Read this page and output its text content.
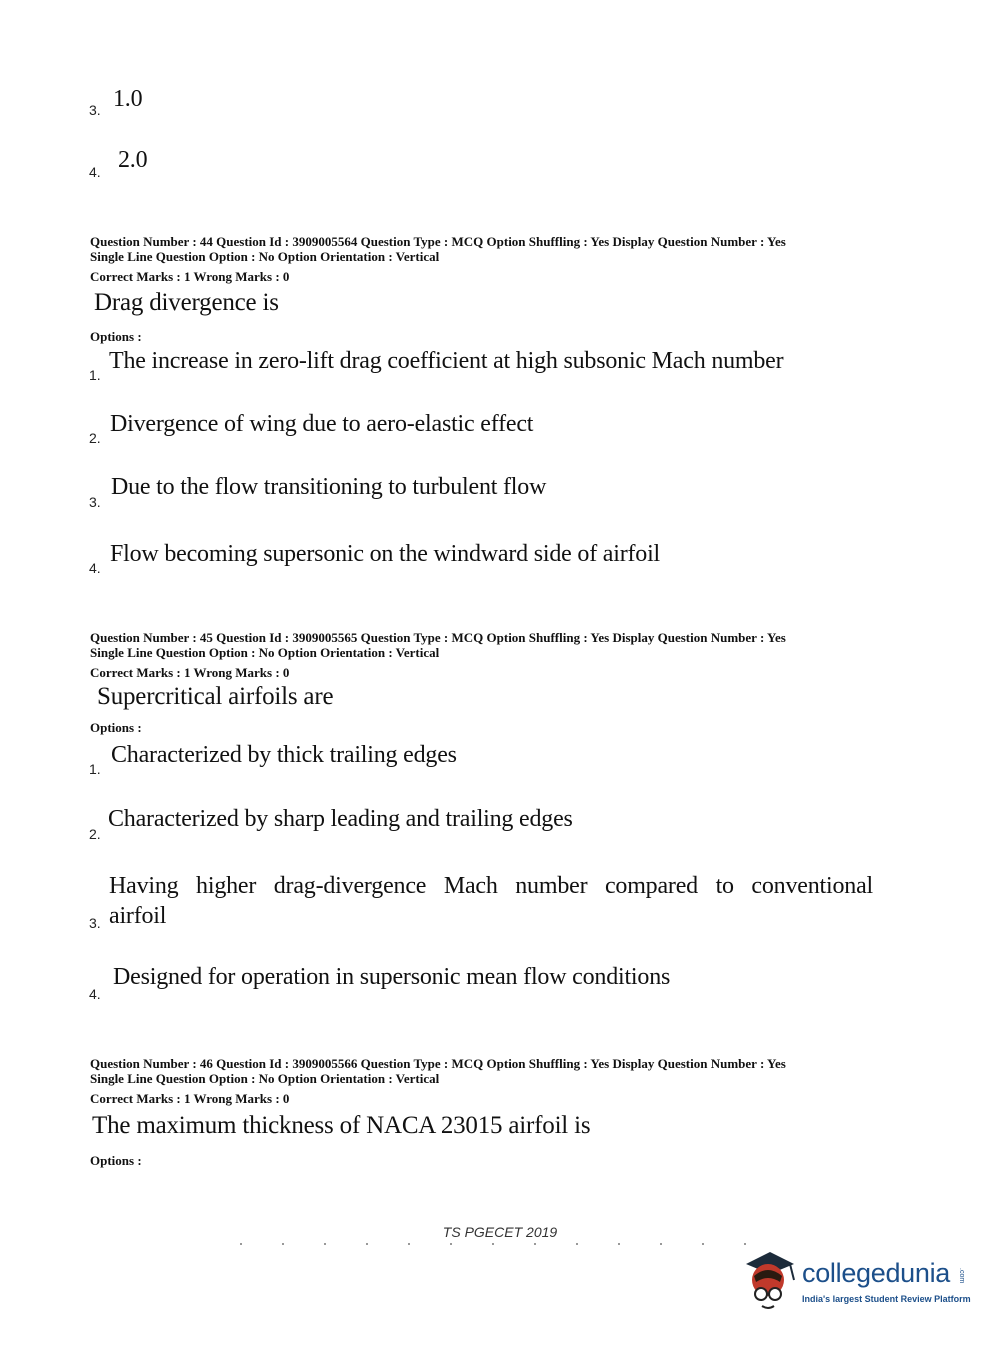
3. 1.0
4. 2.0
Question Number : 44 Question Id : 3909005564 Question Type : MCQ Option Shuffling : Yes Display Question Number : Yes
Single Line Question Option : No Option Orientation : Vertical
Correct Marks : 1 Wrong Marks : 0
Drag divergence is
Options :
1.
The increase in zero-lift drag coefficient at high subsonic Mach number
2.
Divergence of wing due to aero-elastic effect
3.
Due to the flow transitioning to turbulent flow
4.
Flow becoming supersonic on the windward side of airfoil
Question Number : 45 Question Id : 3909005565 Question Type : MCQ Option Shuffling : Yes Display Question Number : Yes
Single Line Question Option : No Option Orientation : Vertical
Correct Marks : 1 Wrong Marks : 0
Supercritical airfoils are
Options :
1.
Characterized by thick trailing edges
2.
Characterized by sharp leading and trailing edges
3.
Having higher drag-divergence Mach number compared to conventional
airfoil
4.
Designed for operation in supersonic mean flow conditions
Question Number : 46 Question Id : 3909005566 Question Type : MCQ Option Shuffling : Yes Display Question Number : Yes
Single Line Question Option : No Option Orientation : Vertical
Correct Marks : 1 Wrong Marks : 0
The maximum thickness of NACA 23015 airfoil is
Options :
TS PGECET 2019
collegedunia .com
India's largest Student Review Platform
